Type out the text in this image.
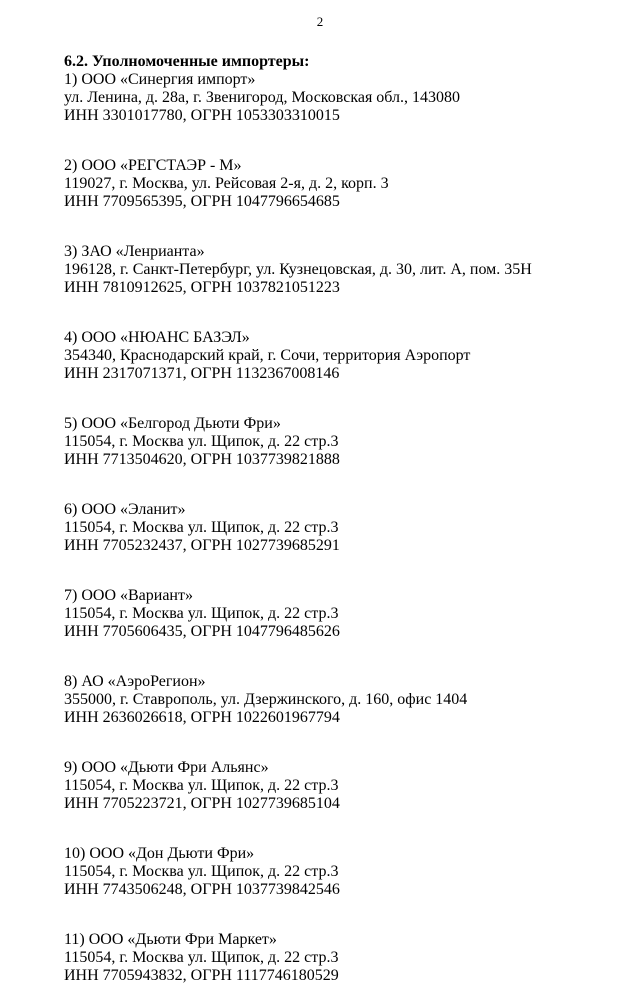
2

6.2. Уполномоченные импортеры:

1) ООО «Синергия импорт»
ул. Ленина, д. 28а, г. Звенигород, Московская обл., 143080
ИНН 3301017780, ОГРН 1053303310015
2) ООО «РЕГСТАЭР - М»
119027, г. Москва, ул. Рейсовая 2-я, д. 2, корп. 3
ИНН 7709565395, ОГРН 1047796654685
3) ЗАО «Ленрианта»
196128, г. Санкт-Петербург, ул. Кузнецовская, д. 30, лит. А, пом. 35Н
ИНН 7810912625, ОГРН 1037821051223
4) ООО «НЮАНС БАЗЭЛ»
354340, Краснодарский край, г. Сочи, территория Аэропорт
ИНН 2317071371, ОГРН 1132367008146
5) ООО «Белгород Дьюти Фри»
115054, г. Москва ул. Щипок, д. 22 стр.3
ИНН 7713504620, ОГРН 1037739821888
6) ООО «Эланит»
115054, г. Москва ул. Щипок, д. 22 стр.3
ИНН 7705232437, ОГРН 1027739685291
7) ООО «Вариант»
115054, г. Москва ул. Щипок, д. 22 стр.3
ИНН 7705606435, ОГРН 1047796485626
8) АО «АэроРегион»
355000, г. Ставрополь, ул. Дзержинского, д. 160, офис 1404
ИНН 2636026618, ОГРН 1022601967794
9) ООО «Дьюти Фри Альянс»
115054, г. Москва ул. Щипок, д. 22 стр.3
ИНН 7705223721, ОГРН 1027739685104
10) ООО «Дон Дьюти Фри»
115054, г. Москва ул. Щипок, д. 22 стр.3
ИНН 7743506248, ОГРН 1037739842546
11) ООО «Дьюти Фри Маркет»
115054, г. Москва ул. Щипок, д. 22 стр.3
ИНН 7705943832, ОГРН 1117746180529
